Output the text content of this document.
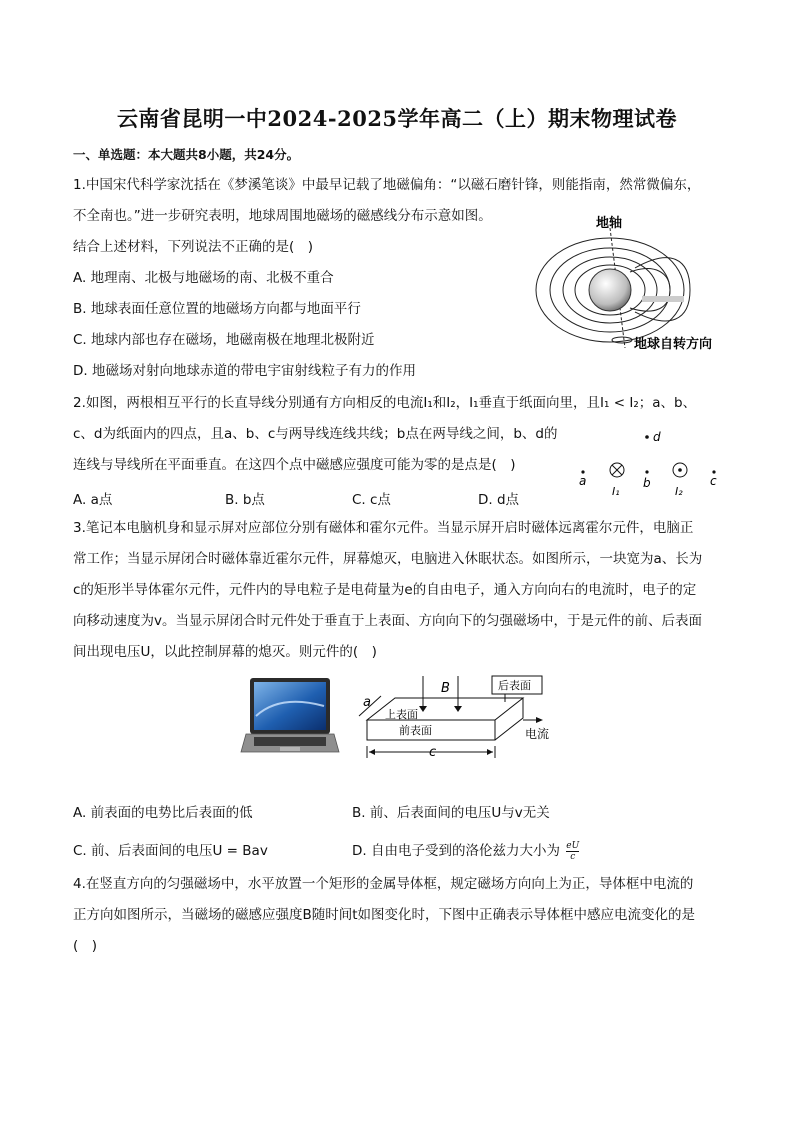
云南省昆明一中2024-2025学年高二（上）期末物理试卷
一、单选题：本大题共8小题，共24分。
1.中国宋代科学家沈括在《梦溪笔谈》中最早记载了地磁偏角：“以磁石磨针锋，则能指南，然常微偏东，
不全南也。”进一步研究表明，地球周围地磁场的磁感线分布示意如图。
结合上述材料，下列说法不正确的是(　)
A. 地理南、北极与地磁场的南、北极不重合
B. 地球表面任意位置的地磁场方向都与地面平行
C. 地球内部也存在磁场，地磁南极在地理北极附近
D. 地磁场对射向地球赤道的带电宇宙射线粒子有力的作用
地轴
地球自转方向
2.如图，两根相互平行的长直导线分别通有方向相反的电流I₁和I₂，I₁垂直于纸面向里，且I₁ < I₂；a、b、
c、d为纸面内的四点，且a、b、c与两导线连线共线；b点在两导线之间，b、d的
连线与导线所在平面垂直。在这四个点中磁感应强度可能为零的是点是(　)
A. a点	B. b点	C. c点	D. d点
d
a
I₁
b
I₂
c
3.笔记本电脑机身和显示屏对应部位分别有磁体和霍尔元件。当显示屏开启时磁体远离霍尔元件，电脑正
常工作；当显示屏闭合时磁体靠近霍尔元件，屏幕熄灭，电脑进入休眠状态。如图所示，一块宽为a、长为
c的矩形半导体霍尔元件，元件内的导电粒子是电荷量为e的自由电子，通入方向向右的电流时，电子的定
向移动速度为v。当显示屏闭合时元件处于垂直于上表面、方向向下的匀强磁场中，于是元件的前、后表面
间出现电压U，以此控制屏幕的熄灭。则元件的(　)
a
B	后表面
上表面
前表面
c
电流
A. 前表面的电势比后表面的低	B. 前、后表面间的电压U与v无关
C. 前、后表面间的电压U = Bav	D. 自由电子受到的洛伦兹力大小为 $\frac{eU}{c}$
4.在竖直方向的匀强磁场中，水平放置一个矩形的金属导体框，规定磁场方向向上为正，导体框中电流的
正方向如图所示，当磁场的磁感应强度B随时间t如图变化时，下图中正确表示导体框中感应电流变化的是
(　)
